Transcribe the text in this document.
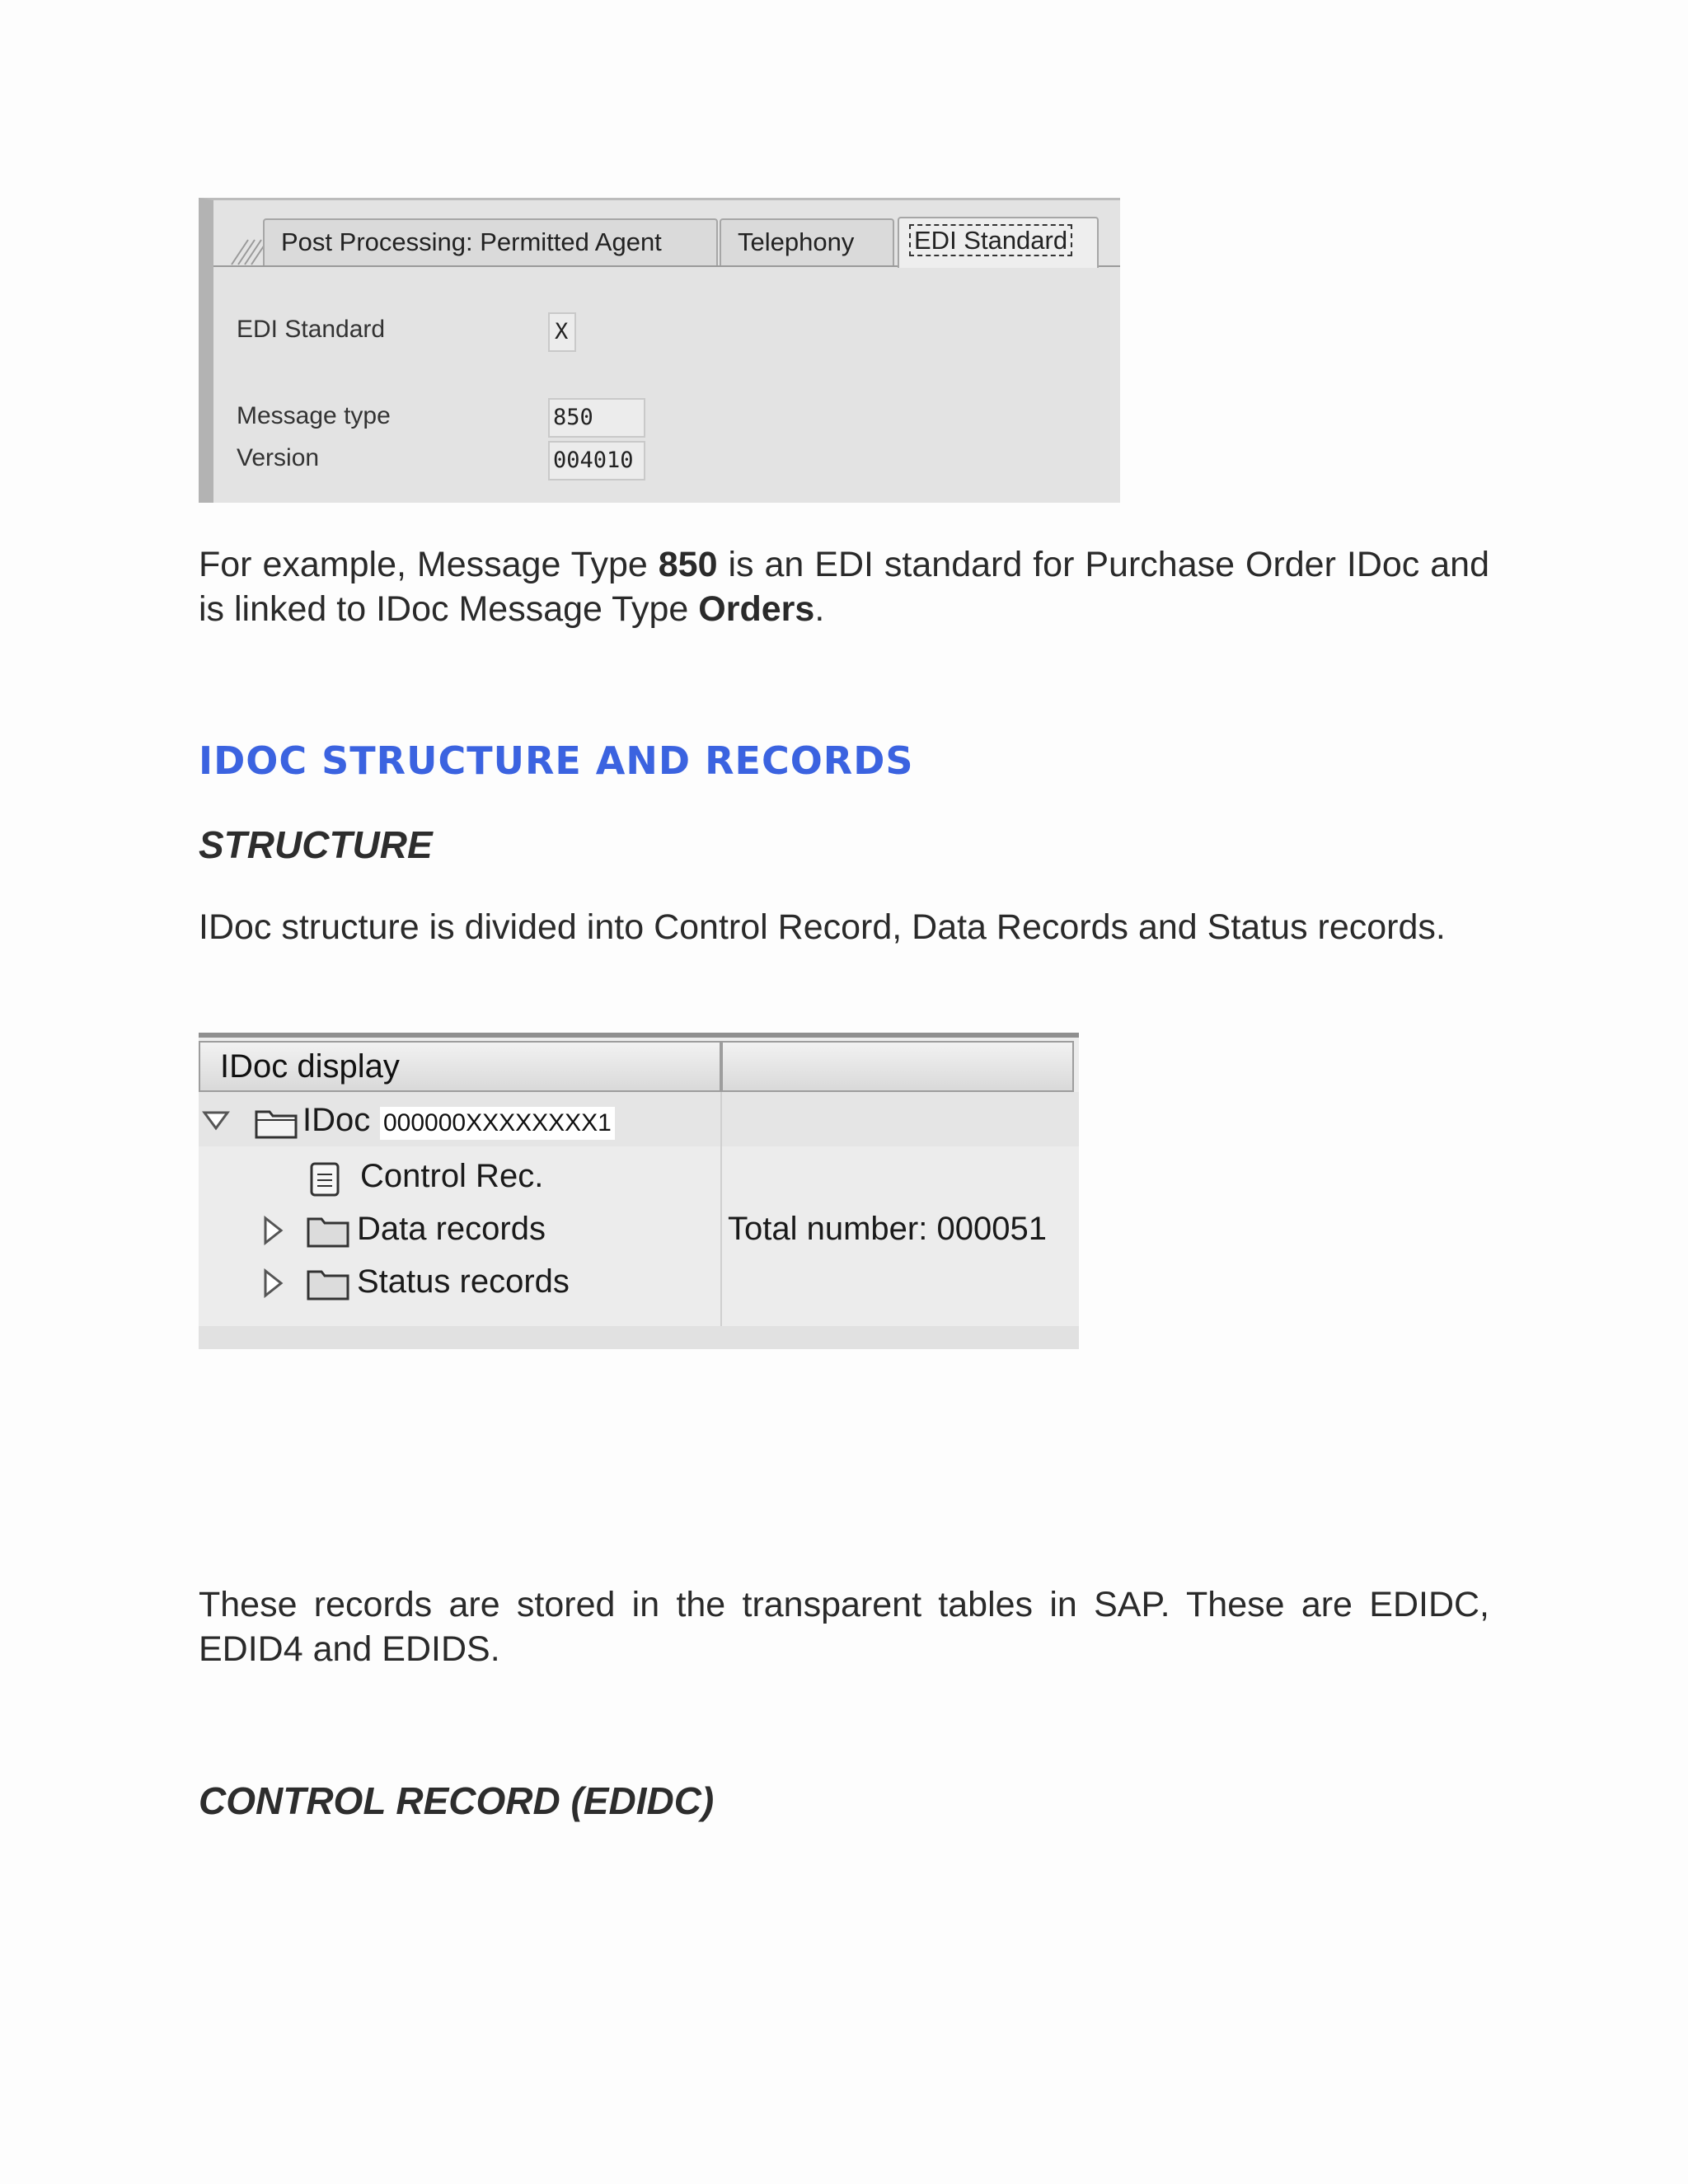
Post Processing: Permitted Agent	Telephony	EDI Standard
EDI Standard	X
Message type	850
Version	004010
For example, Message Type 850 is an EDI standard for Purchase Order IDoc and is linked to IDoc Message Type Orders.
IDOC STRUCTURE AND RECORDS
STRUCTURE
IDoc structure is divided into Control Record, Data Records and Status records.
IDoc display
IDoc 000000XXXXXXXX1
Control Rec.
Data records	Total number: 000051
Status records
These records are stored in the transparent tables in SAP. These are EDIDC, EDID4 and EDIDS.
CONTROL RECORD (EDIDC)
